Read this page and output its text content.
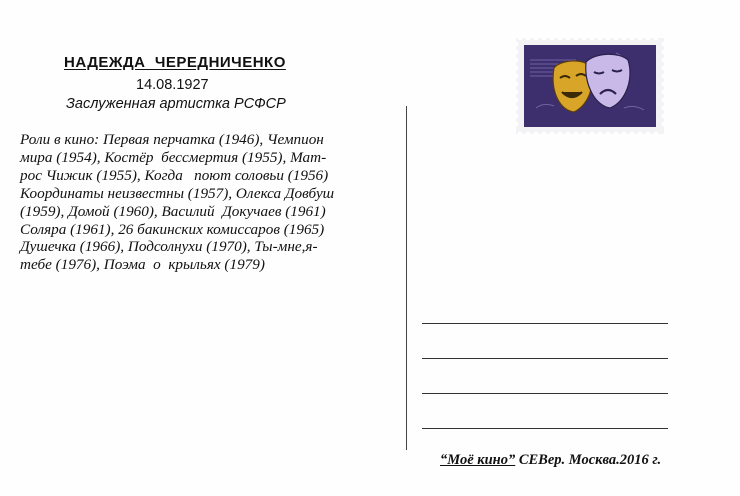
НАДЕЖДА  ЧЕРЕДНИЧЕНКО
14.08.1927
Заслуженная артистка РСФСР
Роли в кино: Первая перчатка (1946), Чемпион
мира (1954), Костёр  бессмертия (1955), Мат-
рос Чижик (1955), Когда   поют соловьи (1956)
Координаты неизвестны (1957), Олекса Довбуш
(1959), Домой (1960), Василий  Докучаев (1961)
Соляра (1961), 26 бакинских комиссаров (1965)
Душечка (1966), Подсолнухи (1970), Ты-мне,я-
тебе (1976), Поэма  о  крыльях (1979)
“Моё кино” СЕВер. Москва.2016 г.
